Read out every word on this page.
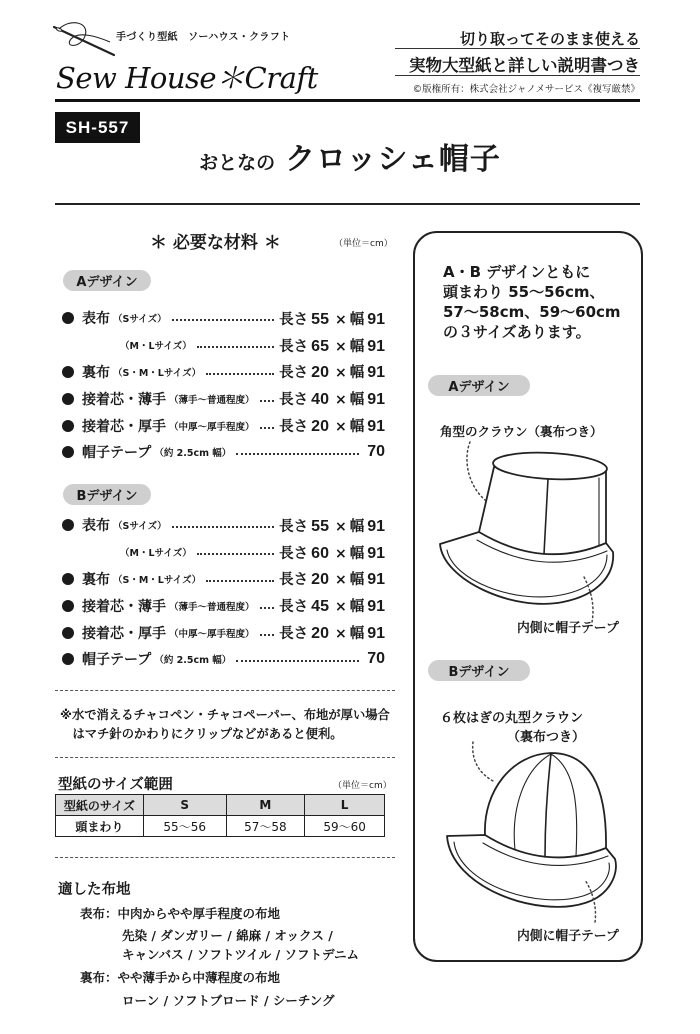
手づくり型紙　ソーハウス・クラフト
Sew House＊Craft
切り取ってそのまま使える
実物大型紙と詳しい説明書つき
©版権所有：株式会社ジャノメサービス《複写厳禁》
SH-557
おとなの クロッシェ帽子
＊ 必要な材料 ＊	（単位＝cm）
Aデザイン
表布 （Sサイズ）	長さ 55 × 幅 91
（M・Lサイズ）	長さ 65 × 幅 91
裏布 （S・M・Lサイズ）	長さ 20 × 幅 91
接着芯・薄手 （薄手〜普通程度） 長さ 40 × 幅 91
接着芯・厚手 （中厚〜厚手程度） 長さ 20 × 幅 91
帽子テープ （約 2.5cm 幅）	70
Bデザイン
表布 （Sサイズ）	長さ 55 × 幅 91
（M・Lサイズ）	長さ 60 × 幅 91
裏布 （S・M・Lサイズ）	長さ 20 × 幅 91
接着芯・薄手 （薄手〜普通程度） 長さ 45 × 幅 91
接着芯・厚手 （中厚〜厚手程度） 長さ 20 × 幅 91
帽子テープ （約 2.5cm 幅）	70
※水で消えるチャコペン・チャコペーパー、布地が厚い場合
はマチ針のかわりにクリップなどがあると便利。
型紙のサイズ範囲	（単位＝cm）
型紙のサイズ	S	M	L
頭まわり	55〜56	57〜58	59〜60
適した布地
表布：中肉からやや厚手程度の布地
先染 / ダンガリー / 綿麻 / オックス /
キャンバス / ソフトツイル / ソフトデニム
裏布：やや薄手から中薄程度の布地
ローン / ソフトブロード / シーチング
A・B デザインともに
頭まわり 55〜56cm、
57〜58cm、59〜60cm
の３サイズあります。
Aデザイン
角型のクラウン（裏布つき）
内側に帽子テープ
Bデザイン
６枚はぎの丸型クラウン
（裏布つき）
内側に帽子テープ
